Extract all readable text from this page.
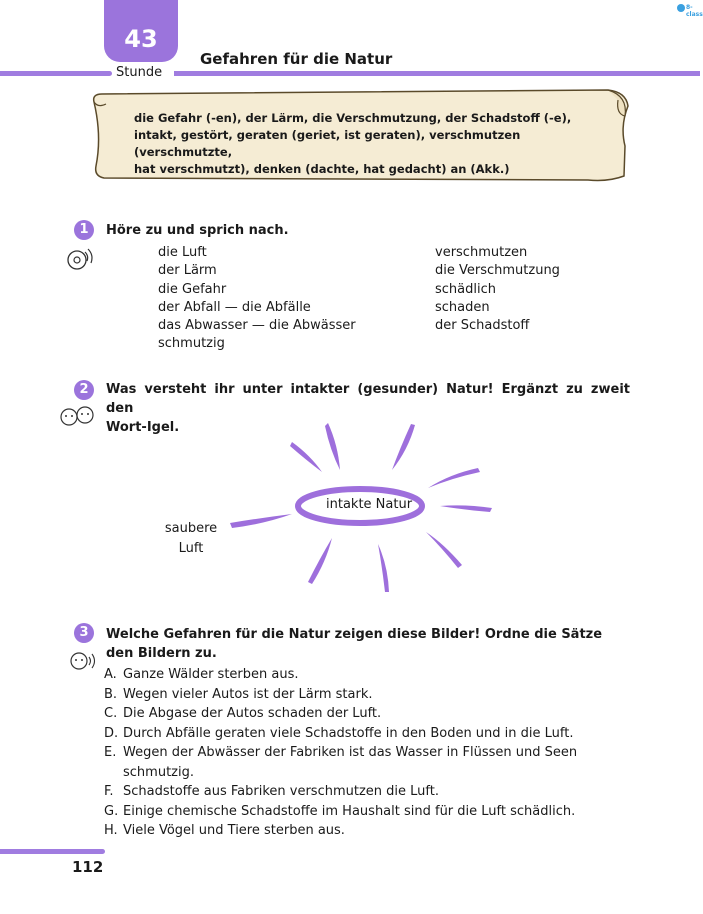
43
Stunde
Gefahren für die Natur
8-class
die Gefahr (-en), der Lärm, die Verschmutzung, der Schadstoff (-e),
intakt, gestört, geraten (geriet, ist geraten), verschmutzen (verschmutzte,
hat verschmutzt), denken (dachte, hat gedacht) an (Akk.)
1	Höre zu und sprich nach.
die Luft
der Lärm
die Gefahr
der Abfall — die Abfälle
das Abwasser — die Abwässer
schmutzig
verschmutzen
die Verschmutzung
schädlich
schaden
der Schadstoff
2	Was versteht ihr unter intakter (gesunder) Natur! Ergänzt zu zweit den
Wort-Igel.
intakte Natur
saubere
Luft
3	Welche Gefahren für die Natur zeigen diese Bilder! Ordne die Sätze
den Bildern zu.
A. Ganze Wälder sterben aus.
B. Wegen vieler Autos ist der Lärm stark.
C. Die Abgase der Autos schaden der Luft.
D. Durch Abfälle geraten viele Schadstoffe in den Boden und in die Luft.
E. Wegen der Abwässer der Fabriken ist das Wasser in Flüssen und Seen
schmutzig.
F. Schadstoffe aus Fabriken verschmutzen die Luft.
G. Einige chemische Schadstoffe im Haushalt sind für die Luft schädlich.
H. Viele Vögel und Tiere sterben aus.
112
